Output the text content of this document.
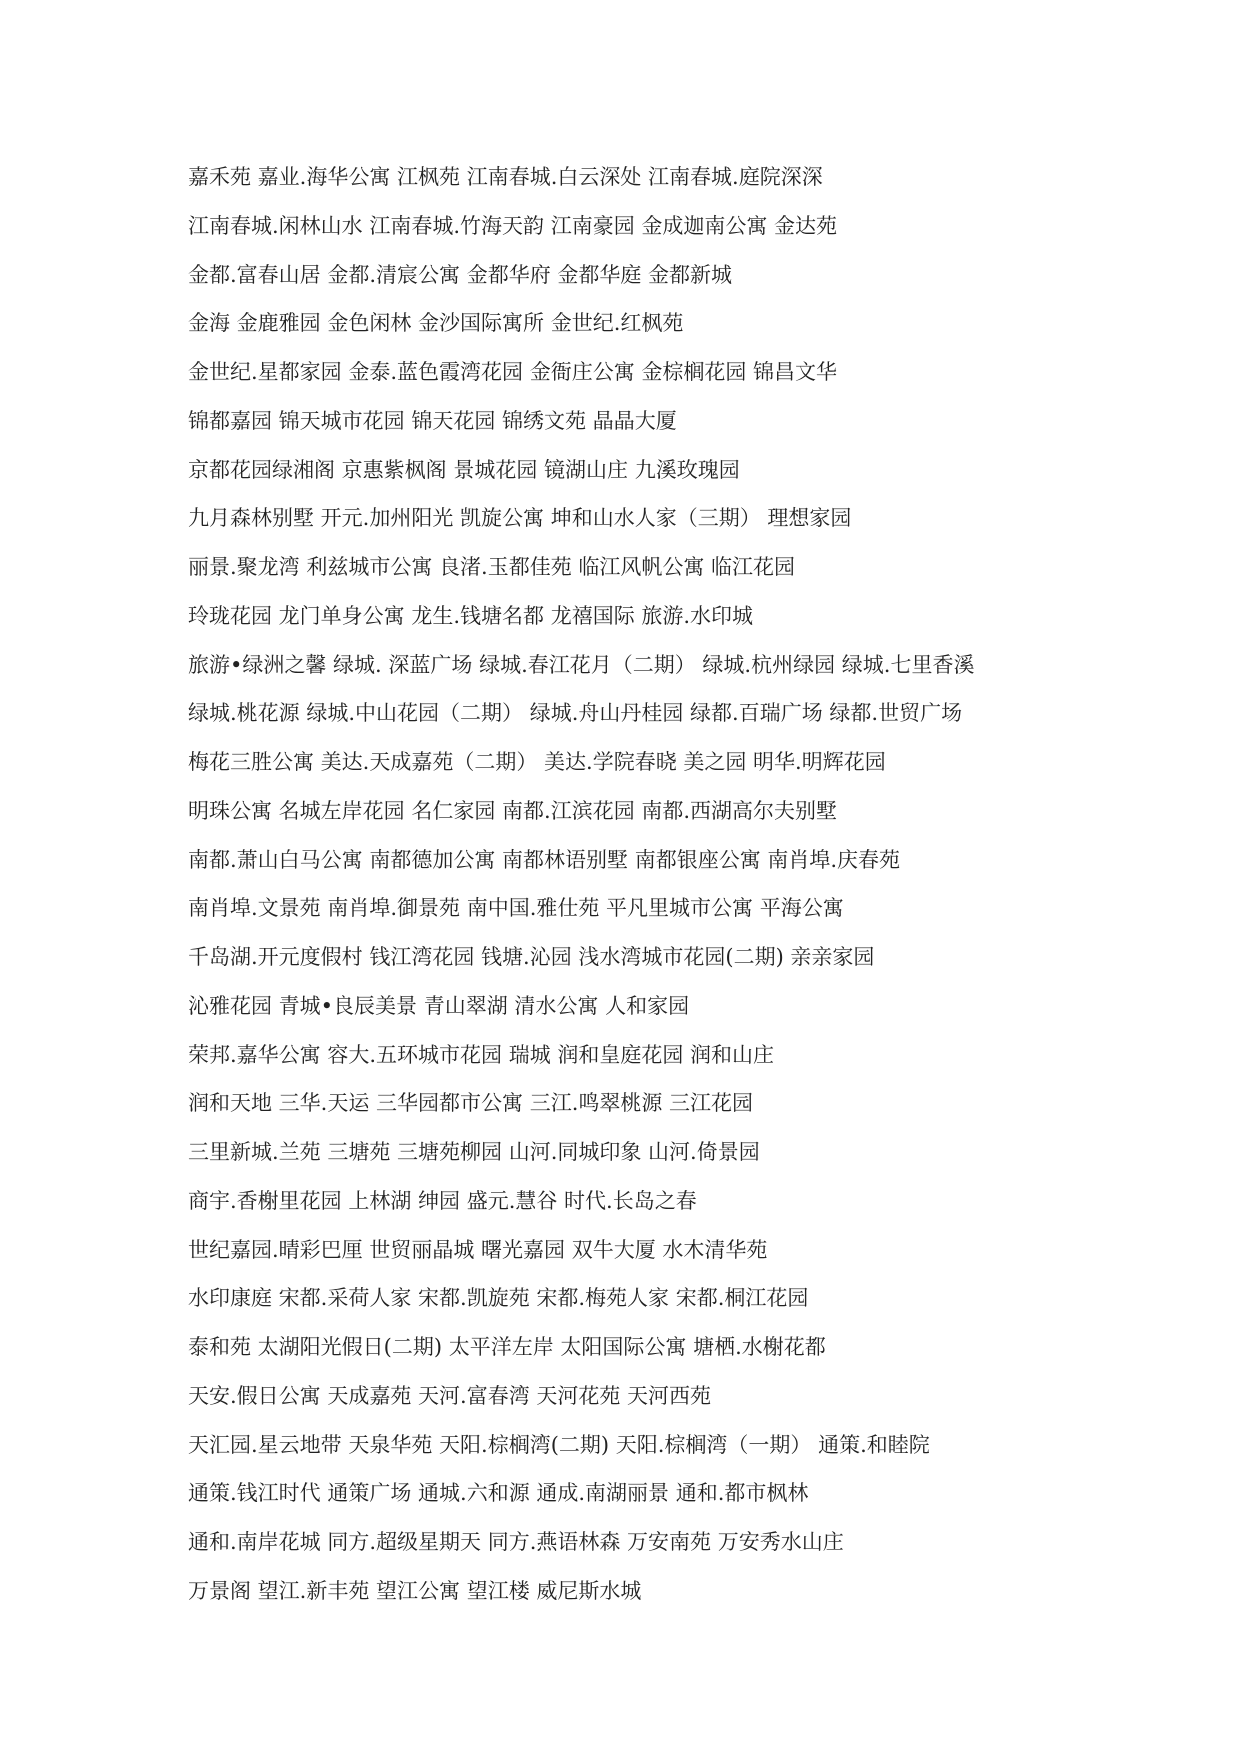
嘉禾苑 嘉业.海华公寓 江枫苑 江南春城.白云深处 江南春城.庭院深深
江南春城.闲林山水 江南春城.竹海天韵 江南豪园 金成迦南公寓 金达苑
金都.富春山居 金都.清宸公寓 金都华府 金都华庭 金都新城
金海 金鹿雅园 金色闲林 金沙国际寓所 金世纪.红枫苑
金世纪.星都家园 金泰.蓝色霞湾花园 金衙庄公寓 金棕榈花园 锦昌文华
锦都嘉园 锦天城市花园 锦天花园 锦绣文苑 晶晶大厦
京都花园绿湘阁 京惠紫枫阁 景城花园 镜湖山庄 九溪玫瑰园
九月森林别墅 开元.加州阳光 凯旋公寓 坤和山水人家（三期） 理想家园
丽景.聚龙湾 利兹城市公寓 良渚.玉都佳苑 临江风帆公寓 临江花园
玲珑花园 龙门单身公寓 龙生.钱塘名都 龙禧国际 旅游.水印城
旅游•绿洲之馨 绿城. 深蓝广场 绿城.春江花月（二期） 绿城.杭州绿园 绿城.七里香溪
绿城.桃花源 绿城.中山花园（二期） 绿城.舟山丹桂园 绿都.百瑞广场 绿都.世贸广场
梅花三胜公寓 美达.天成嘉苑（二期） 美达.学院春晓 美之园 明华.明辉花园
明珠公寓 名城左岸花园 名仁家园 南都.江滨花园 南都.西湖高尔夫别墅
南都.萧山白马公寓 南都德加公寓 南都林语别墅 南都银座公寓 南肖埠.庆春苑
南肖埠.文景苑 南肖埠.御景苑 南中国.雅仕苑 平凡里城市公寓 平海公寓
千岛湖.开元度假村 钱江湾花园 钱塘.沁园 浅水湾城市花园(二期) 亲亲家园
沁雅花园 青城•良辰美景 青山翠湖 清水公寓 人和家园
荣邦.嘉华公寓 容大.五环城市花园 瑞城 润和皇庭花园 润和山庄
润和天地 三华.天运 三华园都市公寓 三江.鸣翠桃源 三江花园
三里新城.兰苑 三塘苑 三塘苑柳园 山河.同城印象 山河.倚景园
商宇.香榭里花园 上林湖 绅园 盛元.慧谷 时代.长岛之春
世纪嘉园.晴彩巴厘 世贸丽晶城 曙光嘉园 双牛大厦 水木清华苑
水印康庭 宋都.采荷人家 宋都.凯旋苑 宋都.梅苑人家 宋都.桐江花园
泰和苑 太湖阳光假日(二期) 太平洋左岸 太阳国际公寓 塘栖.水榭花都
天安.假日公寓 天成嘉苑 天河.富春湾 天河花苑 天河西苑
天汇园.星云地带 天泉华苑 天阳.棕榈湾(二期) 天阳.棕榈湾（一期） 通策.和睦院
通策.钱江时代 通策广场 通城.六和源 通成.南湖丽景 通和.都市枫林
通和.南岸花城 同方.超级星期天 同方.燕语林森 万安南苑 万安秀水山庄
万景阁 望江.新丰苑 望江公寓 望江楼 威尼斯水城
